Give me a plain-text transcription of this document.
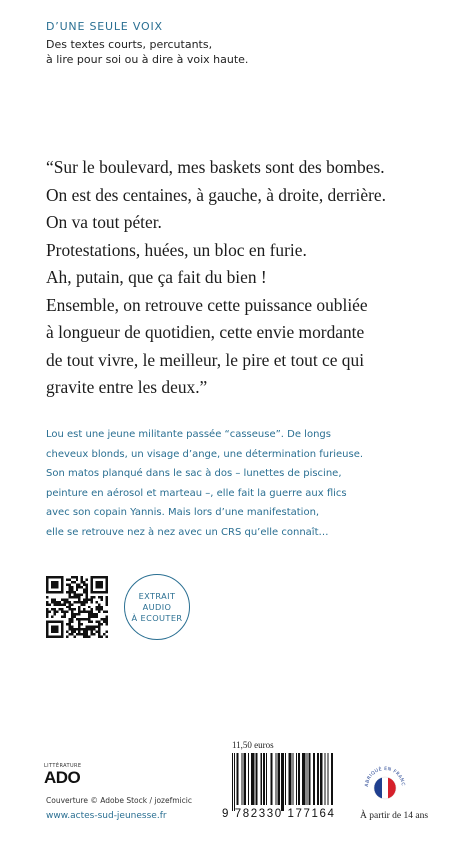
D’UNE SEULE VOIX
Des textes courts, percutants,
à lire pour soi ou à dire à voix haute.
“Sur le boulevard, mes baskets sont des bombes.
On est des centaines, à gauche, à droite, derrière.
On va tout péter.
Protestations, huées, un bloc en furie.
Ah, putain, que ça fait du bien !
Ensemble, on retrouve cette puissance oubliée
à longueur de quotidien, cette envie mordante
de tout vivre, le meilleur, le pire et tout ce qui
gravite entre les deux.”
Lou est une jeune militante passée “casseuse”. De longs
cheveux blonds, un visage d’ange, une détermination furieuse.
Son matos planqué dans le sac à dos – lunettes de piscine,
peinture en aérosol et marteau –, elle fait la guerre aux flics
avec son copain Yannis. Mais lors d’une manifestation,
elle se retrouve nez à nez avec un CRS qu’elle connaît…
EXTRAIT
AUDIO
À ECOUTER
LITTÉRATURE
ADO
Couverture © Adobe Stock / jozefmicic
www.actes-sud-jeunesse.fr
11,50 euros
9 782330 177164
ABRIQUÉ EN FRANC
À partir de 14 ans
